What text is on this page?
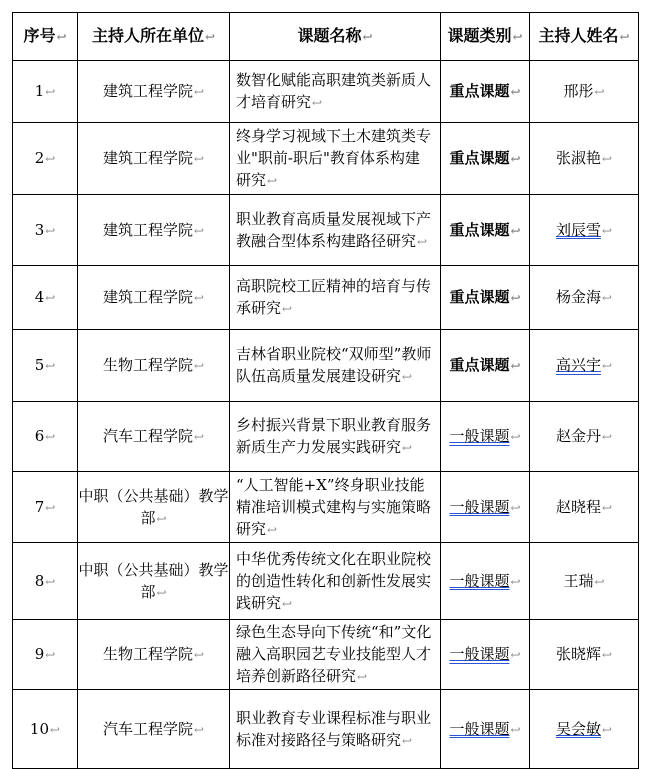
序号↩	主持人所在单位↩	课题名称↩	课题类别↩	主持人姓名↩
1↩	建筑工程学院↩	数智化赋能高职建筑类新质人才培育研究↩	重点课题↩	邢彤↩
2↩	建筑工程学院↩	终身学习视域下土木建筑类专业"职前-职后"教育体系构建研究↩	重点课题↩	张淑艳↩
3↩	建筑工程学院↩	职业教育高质量发展视域下产教融合型体系构建路径研究↩	重点课题↩	刘辰雪↩
4↩	建筑工程学院↩	高职院校工匠精神的培育与传承研究↩	重点课题↩	杨金海↩
5↩	生物工程学院↩	吉林省职业院校“双师型”教师队伍高质量发展建设研究↩	重点课题↩	高兴宇↩
6↩	汽车工程学院↩	乡村振兴背景下职业教育服务新质生产力发展实践研究↩	一般课题↩	赵金丹↩
7↩	中职（公共基础）教学部↩	“人工智能+X”终身职业技能精准培训模式建构与实施策略研究↩	一般课题↩	赵晓程↩
8↩	中职（公共基础）教学部↩	中华优秀传统文化在职业院校的创造性转化和创新性发展实践研究↩	一般课题↩	王瑞↩
9↩	生物工程学院↩	绿色生态导向下传统“和”文化融入高职园艺专业技能型人才培养创新路径研究↩	一般课题↩	张晓辉↩
10↩	汽车工程学院↩	职业教育专业课程标准与职业标准对接路径与策略研究↩	一般课题↩	吴会敏↩
